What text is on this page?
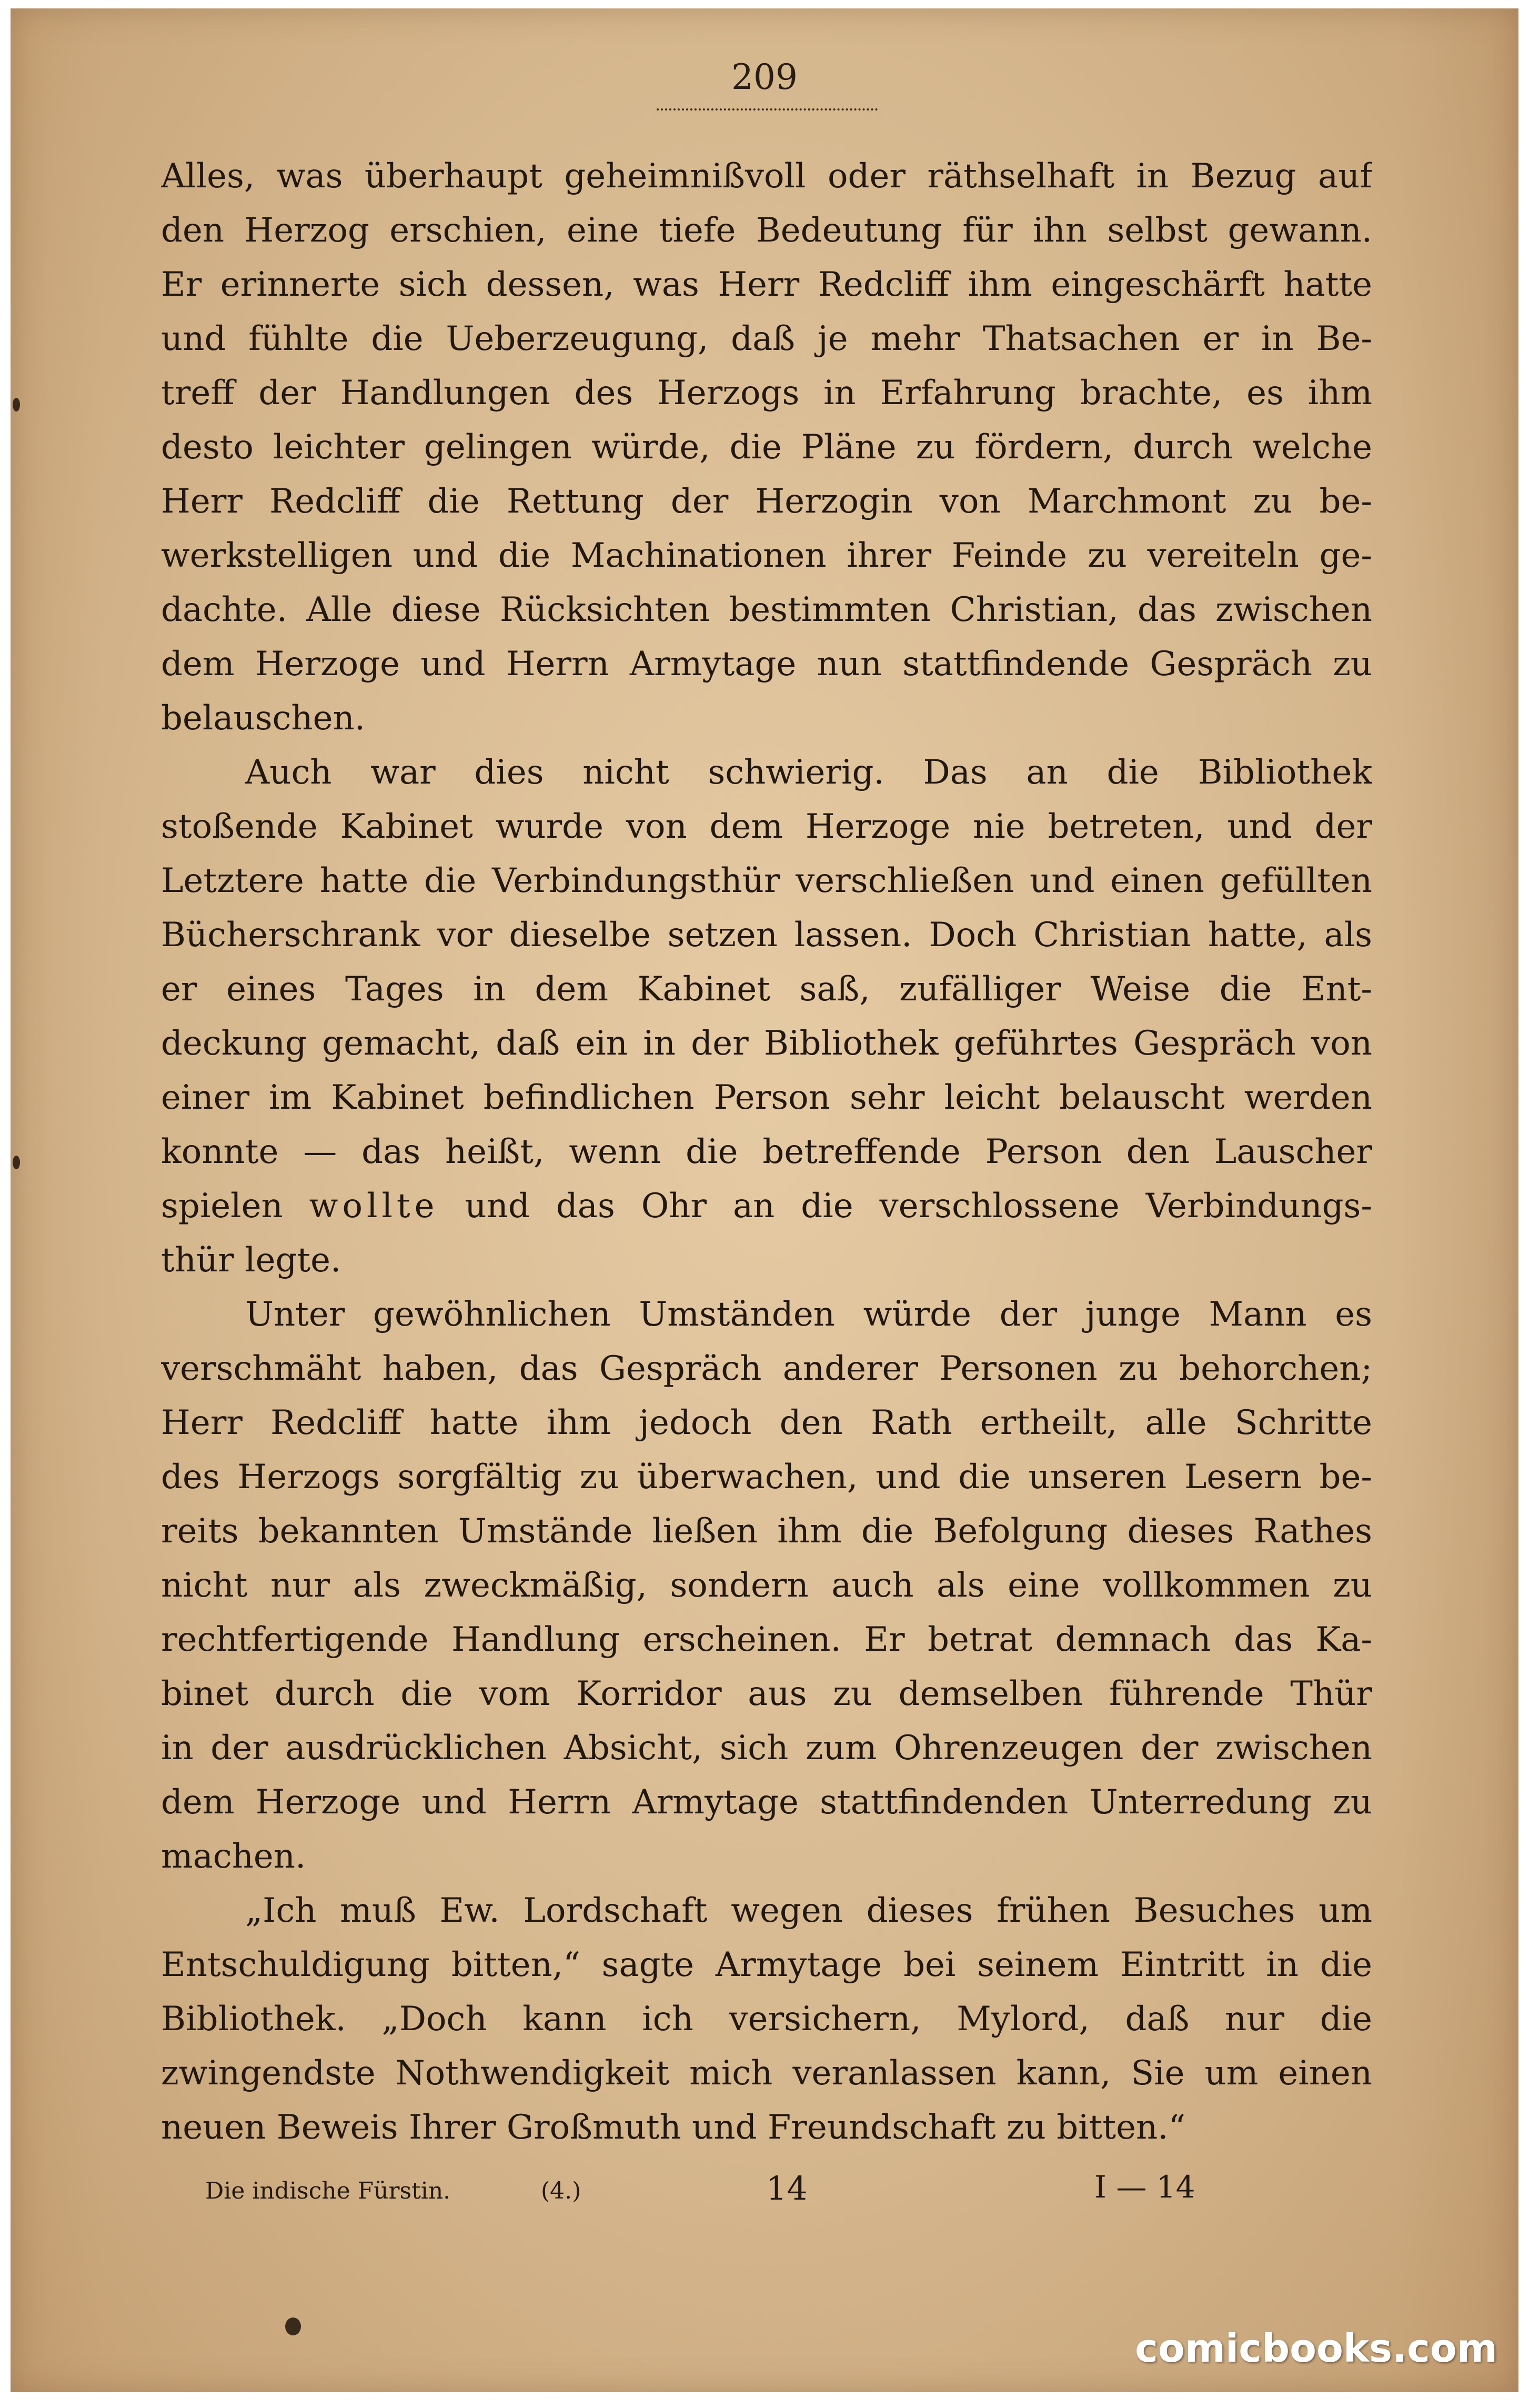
209
Alles, was überhaupt geheimnißvoll oder räthselhaft in Bezug auf
den Herzog erschien, eine tiefe Bedeutung für ihn selbst gewann.
Er erinnerte sich dessen, was Herr Redcliff ihm eingeschärft hatte
und fühlte die Ueberzeugung, daß je mehr Thatsachen er in Be-
treff der Handlungen des Herzogs in Erfahrung brachte, es ihm
desto leichter gelingen würde, die Pläne zu fördern, durch welche
Herr Redcliff die Rettung der Herzogin von Marchmont zu be-
werkstelligen und die Machinationen ihrer Feinde zu vereiteln ge-
dachte. Alle diese Rücksichten bestimmten Christian, das zwischen
dem Herzoge und Herrn Armytage nun stattfindende Gespräch zu
belauschen.
Auch war dies nicht schwierig. Das an die Bibliothek
stoßende Kabinet wurde von dem Herzoge nie betreten, und der
Letztere hatte die Verbindungsthür verschließen und einen gefüllten
Bücherschrank vor dieselbe setzen lassen. Doch Christian hatte, als
er eines Tages in dem Kabinet saß, zufälliger Weise die Ent-
deckung gemacht, daß ein in der Bibliothek geführtes Gespräch von
einer im Kabinet befindlichen Person sehr leicht belauscht werden
konnte — das heißt, wenn die betreffende Person den Lauscher
spielen wollte und das Ohr an die verschlossene Verbindungs-
thür legte.
Unter gewöhnlichen Umständen würde der junge Mann es
verschmäht haben, das Gespräch anderer Personen zu behorchen;
Herr Redcliff hatte ihm jedoch den Rath ertheilt, alle Schritte
des Herzogs sorgfältig zu überwachen, und die unseren Lesern be-
reits bekannten Umstände ließen ihm die Befolgung dieses Rathes
nicht nur als zweckmäßig, sondern auch als eine vollkommen zu
rechtfertigende Handlung erscheinen. Er betrat demnach das Ka-
binet durch die vom Korridor aus zu demselben führende Thür
in der ausdrücklichen Absicht, sich zum Ohrenzeugen der zwischen
dem Herzoge und Herrn Armytage stattfindenden Unterredung zu
machen.
„Ich muß Ew. Lordschaft wegen dieses frühen Besuches um
Entschuldigung bitten,“ sagte Armytage bei seinem Eintritt in die
Bibliothek. „Doch kann ich versichern, Mylord, daß nur die
zwingendste Nothwendigkeit mich veranlassen kann, Sie um einen
neuen Beweis Ihrer Großmuth und Freundschaft zu bitten.“
Die indische Fürstin.	(4.)	14	I — 14
comicbooks.com
